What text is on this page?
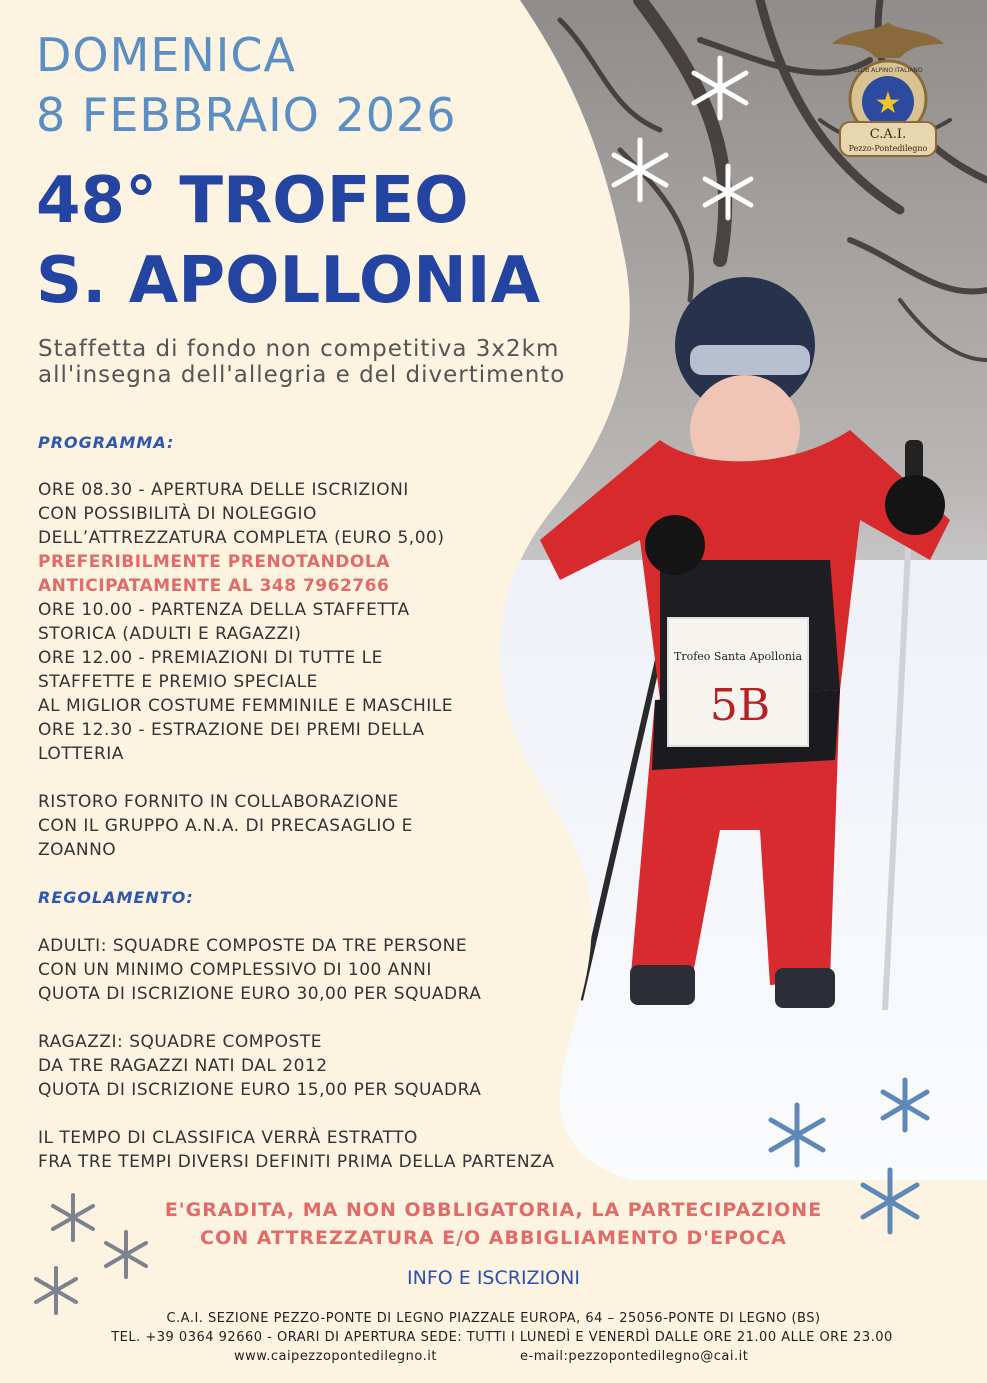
Trofeo Santa Apollonia
5B
★
CLUB ALPINO ITALIANO
C.A.I.
Pezzo-Pontedilegno

DOMENICA

8 FEBBRAIO 2026

48° TROFEO

S. APOLLONIA

Staffetta di fondo non competitiva 3x2km

all'insegna dell'allegria e del divertimento

PROGRAMMA:

ORE 08.30 - APERTURA DELLE ISCRIZIONI

CON POSSIBILITÀ DI NOLEGGIO

DELL’ATTREZZATURA COMPLETA (EURO 5,00)

PREFERIBILMENTE PRENOTANDOLA

ANTICIPATAMENTE AL 348 7962766

ORE 10.00 - PARTENZA DELLA STAFFETTA

STORICA (ADULTI E RAGAZZI)

ORE 12.00 - PREMIAZIONI DI TUTTE LE

STAFFETTE E PREMIO SPECIALE

AL MIGLIOR COSTUME FEMMINILE E MASCHILE

ORE 12.30 - ESTRAZIONE DEI PREMI DELLA

LOTTERIA

RISTORO FORNITO IN COLLABORAZIONE

CON IL GRUPPO A.N.A. DI PRECASAGLIO E

ZOANNO

REGOLAMENTO:

ADULTI: SQUADRE COMPOSTE DA TRE PERSONE

CON UN MINIMO COMPLESSIVO DI 100 ANNI

QUOTA DI ISCRIZIONE EURO 30,00 PER SQUADRA

RAGAZZI: SQUADRE COMPOSTE

DA TRE RAGAZZI NATI DAL 2012

QUOTA DI ISCRIZIONE EURO 15,00 PER SQUADRA

IL TEMPO DI CLASSIFICA VERRÀ ESTRATTO

FRA TRE TEMPI DIVERSI DEFINITI PRIMA DELLA PARTENZA

E'GRADITA, MA NON OBBLIGATORIA, LA PARTECIPAZIONE

CON ATTREZZATURA E/O ABBIGLIAMENTO D'EPOCA

INFO E ISCRIZIONI

C.A.I. SEZIONE PEZZO-PONTE DI LEGNO PIAZZALE EUROPA, 64 – 25056-PONTE DI LEGNO (BS)

TEL. +39 0364 92660 - ORARI DI APERTURA SEDE: TUTTI I LUNEDÌ E VENERDÌ DALLE ORE 21.00 ALLE ORE 23.00

www.caipezzopontedilegno.it	e-mail:pezzopontedilegno@cai.it
